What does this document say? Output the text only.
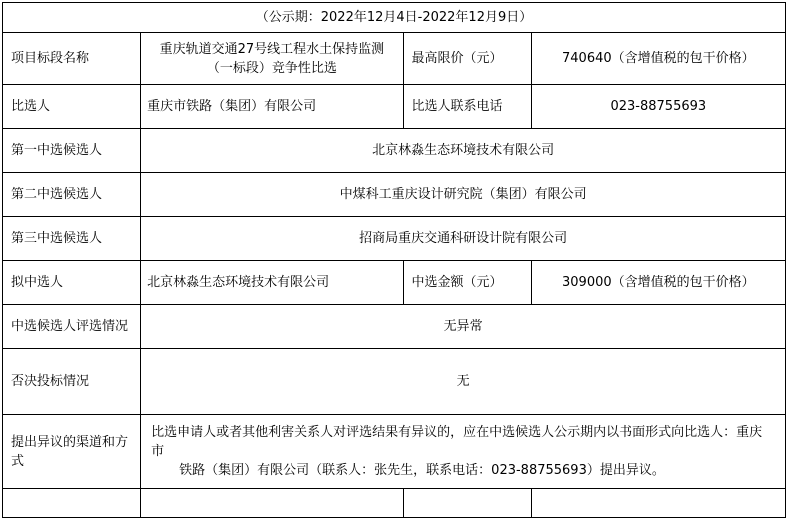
（公示期：2022年12月4日-2022年12月9日）			
项目标段名称	重庆轨道交通27号线工程水土保持监测（一标段）竞争性比选	最高限价（元）	740640（含增值税的包干价格）
比选人	重庆市铁路（集团）有限公司	比选人联系电话	023-88755693
第一中选候选人	北京林淼生态环境技术有限公司		
第二中选候选人	中煤科工重庆设计研究院（集团）有限公司		
第三中选候选人	招商局重庆交通科研设计院有限公司		
拟中选人	北京林淼生态环境技术有限公司	中选金额（元）	309000（含增值税的包干价格）
中选候选人评选情况	无异常		
否决投标情况	无		
提出异议的渠道和方式	比选申请人或者其他利害关系人对评选结果有异议的，应在中选候选人公示期内以书面形式向比选人：重庆市
铁路（集团）有限公司（联系人：张先生，联系电话：023-88755693）提出异议。		
